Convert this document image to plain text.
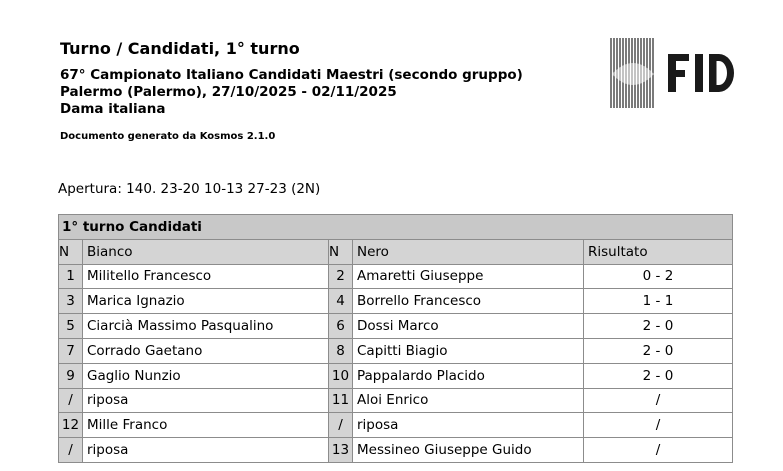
Turno / Candidati, 1° turno
67° Campionato Italiano Candidati Maestri (secondo gruppo)
Palermo (Palermo), 27/10/2025 - 02/11/2025
Dama italiana
Documento generato da Kosmos 2.1.0
Apertura: 140. 23-20 10-13 27-23 (2N)
1° turno Candidati				
N	Bianco	N	Nero	Risultato
1	Militello Francesco	2	Amaretti Giuseppe	0 - 2
3	Marica Ignazio	4	Borrello Francesco	1 - 1
5	Ciarcià Massimo Pasqualino	6	Dossi Marco	2 - 0
7	Corrado Gaetano	8	Capitti Biagio	2 - 0
9	Gaglio Nunzio	10	Pappalardo Placido	2 - 0
/	riposa	11	Aloi Enrico	/
12	Mille Franco	/	riposa	/
/	riposa	13	Messineo Giuseppe Guido	/
